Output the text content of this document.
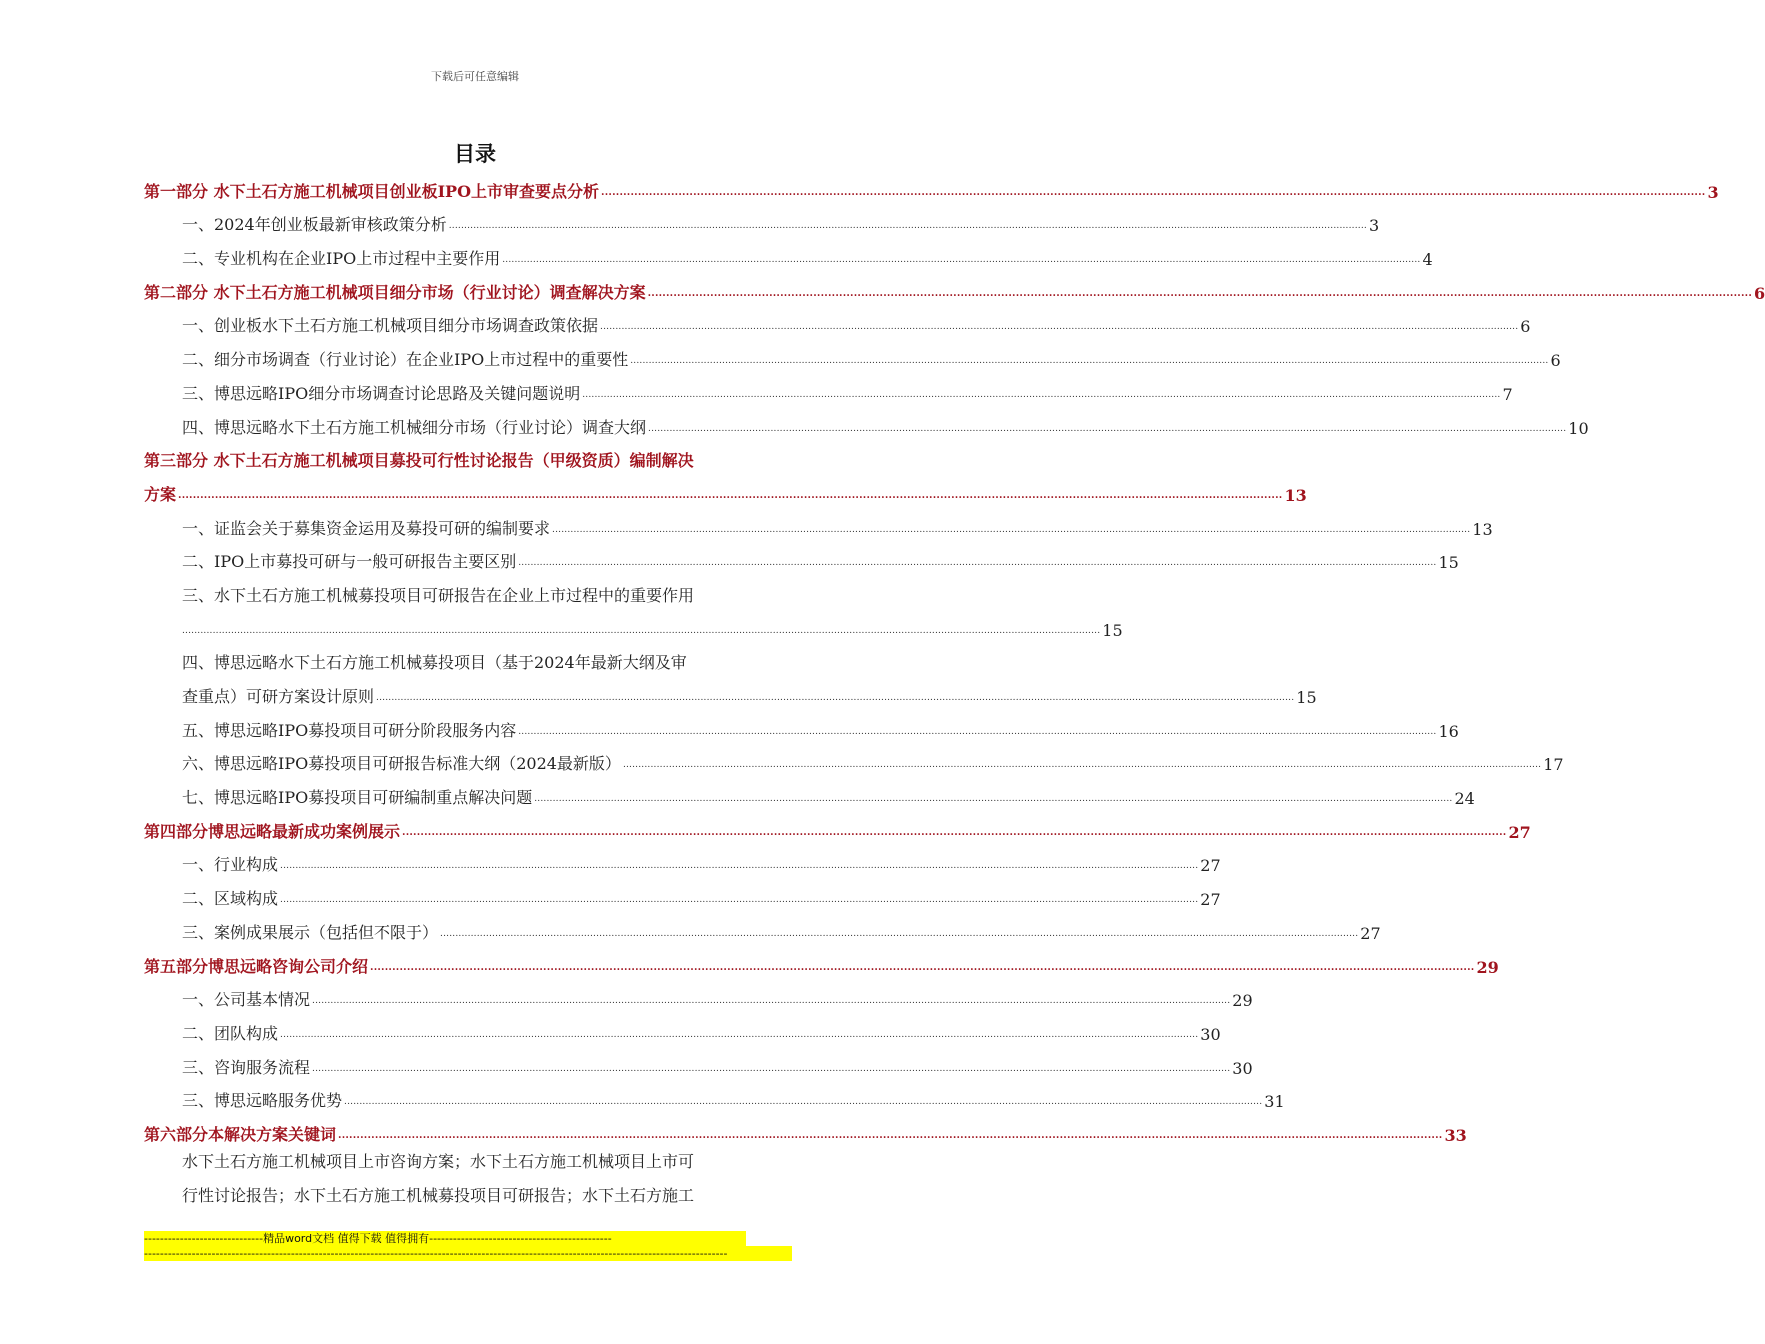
下载后可任意编辑
目录
第一部分 水下土石方施工机械项目创业板IPO上市审查要点分析 ............................................................................................................................................................................................................................................................................................................ 3
一、2024年创业板最新审核政策分析 ............................................................................................................................................................................................................................................................................................................ 3
二、专业机构在企业IPO上市过程中主要作用 ............................................................................................................................................................................................................................................................................................................ 4
第二部分 水下土石方施工机械项目细分市场（行业讨论）调查解决方案 ............................................................................................................................................................................................................................................................................................................ 6
一、创业板水下土石方施工机械项目细分市场调查政策依据 ............................................................................................................................................................................................................................................................................................................ 6
二、细分市场调查（行业讨论）在企业IPO上市过程中的重要性 ............................................................................................................................................................................................................................................................................................................ 6
三、博思远略IPO细分市场调查讨论思路及关键问题说明 ............................................................................................................................................................................................................................................................................................................ 7
四、博思远略水下土石方施工机械细分市场（行业讨论）调查大纲 ............................................................................................................................................................................................................................................................................................................ 10
第三部分 水下土石方施工机械项目募投可行性讨论报告（甲级资质）编制解决
方案 ............................................................................................................................................................................................................................................................................................................ 13
一、证监会关于募集资金运用及募投可研的编制要求 ............................................................................................................................................................................................................................................................................................................ 13
二、IPO上市募投可研与一般可研报告主要区别 ............................................................................................................................................................................................................................................................................................................ 15
三、水下土石方施工机械募投项目可研报告在企业上市过程中的重要作用
............................................................................................................................................................................................................................................................................................................ 15
四、博思远略水下土石方施工机械募投项目（基于2024年最新大纲及审
查重点）可研方案设计原则 ............................................................................................................................................................................................................................................................................................................ 15
五、博思远略IPO募投项目可研分阶段服务内容 ............................................................................................................................................................................................................................................................................................................ 16
六、博思远略IPO募投项目可研报告标准大纲（2024最新版） ............................................................................................................................................................................................................................................................................................................ 17
七、博思远略IPO募投项目可研编制重点解决问题 ............................................................................................................................................................................................................................................................................................................ 24
第四部分博思远略最新成功案例展示 ............................................................................................................................................................................................................................................................................................................ 27
一、行业构成 ............................................................................................................................................................................................................................................................................................................ 27
二、区域构成 ............................................................................................................................................................................................................................................................................................................ 27
三、案例成果展示（包括但不限于） ............................................................................................................................................................................................................................................................................................................ 27
第五部分博思远略咨询公司介绍 ............................................................................................................................................................................................................................................................................................................ 29
一、公司基本情况 ............................................................................................................................................................................................................................................................................................................ 29
二、团队构成 ............................................................................................................................................................................................................................................................................................................ 30
三、咨询服务流程 ............................................................................................................................................................................................................................................................................................................ 30
三、博思远略服务优势 ............................................................................................................................................................................................................................................................................................................ 31
第六部分本解决方案关键词 ............................................................................................................................................................................................................................................................................................................ 33
水下土石方施工机械项目上市咨询方案；水下土石方施工机械项目上市可
行性讨论报告；水下土石方施工机械募投项目可研报告；水下土石方施工
------------------------------精品word文档 值得下载 值得拥有----------------------------------------------
---------------------------------------------------------------------------------------------------------------------------------------------------
